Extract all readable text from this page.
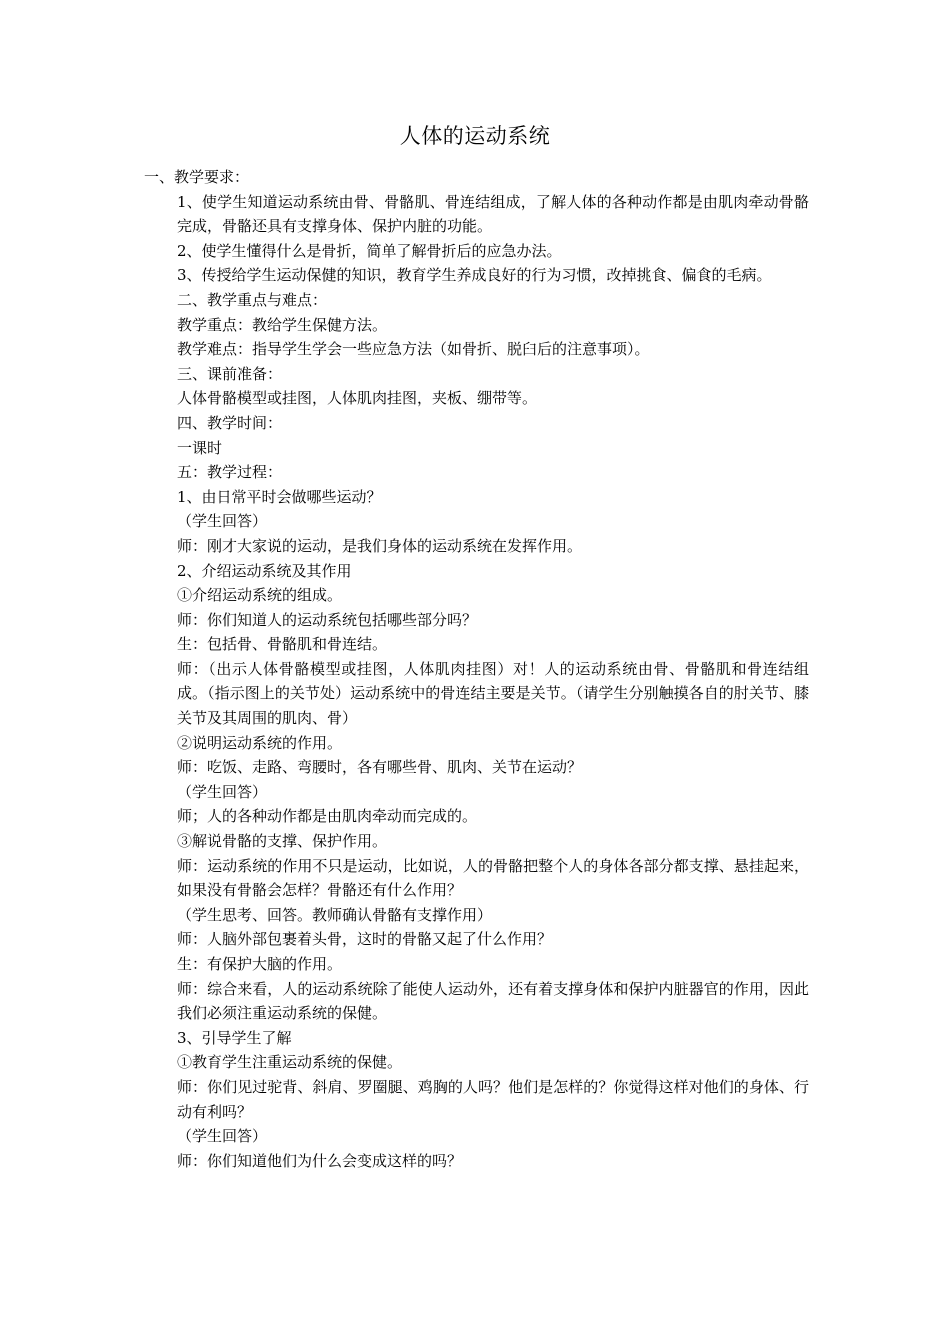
人体的运动系统

一、教学要求：

1、使学生知道运动系统由骨、骨骼肌、骨连结组成，了解人体的各种动作都是由肌肉牵动骨骼完成，骨骼还具有支撑身体、保护内脏的功能。

2、使学生懂得什么是骨折，简单了解骨折后的应急办法。

3、传授给学生运动保健的知识，教育学生养成良好的行为习惯，改掉挑食、偏食的毛病。

二、教学重点与难点：

教学重点：教给学生保健方法。

教学难点：指导学生学会一些应急方法（如骨折、脱臼后的注意事项）。

三、课前准备：

人体骨骼模型或挂图，人体肌肉挂图，夹板、绷带等。

四、教学时间：

一课时

五：教学过程：

1、由日常平时会做哪些运动？

（学生回答）

师：刚才大家说的运动，是我们身体的运动系统在发挥作用。

2、介绍运动系统及其作用

①介绍运动系统的组成。

师：你们知道人的运动系统包括哪些部分吗？

生：包括骨、骨骼肌和骨连结。

师：（出示人体骨骼模型或挂图，人体肌肉挂图）对！人的运动系统由骨、骨骼肌和骨连结组成。（指示图上的关节处）运动系统中的骨连结主要是关节。（请学生分别触摸各自的肘关节、膝关节及其周围的肌肉、骨）

②说明运动系统的作用。

师：吃饭、走路、弯腰时，各有哪些骨、肌肉、关节在运动？

（学生回答）

师；人的各种动作都是由肌肉牵动而完成的。

③解说骨骼的支撑、保护作用。

师：运动系统的作用不只是运动，比如说，人的骨骼把整个人的身体各部分都支撑、悬挂起来，如果没有骨骼会怎样？骨骼还有什么作用？

（学生思考、回答。教师确认骨骼有支撑作用）

师：人脑外部包裹着头骨，这时的骨骼又起了什么作用？

生：有保护大脑的作用。

师：综合来看，人的运动系统除了能使人运动外，还有着支撑身体和保护内脏器官的作用，因此我们必须注重运动系统的保健。

3、引导学生了解

①教育学生注重运动系统的保健。

师：你们见过驼背、斜肩、罗圈腿、鸡胸的人吗？他们是怎样的？你觉得这样对他们的身体、行动有利吗？

（学生回答）

师：你们知道他们为什么会变成这样的吗？
